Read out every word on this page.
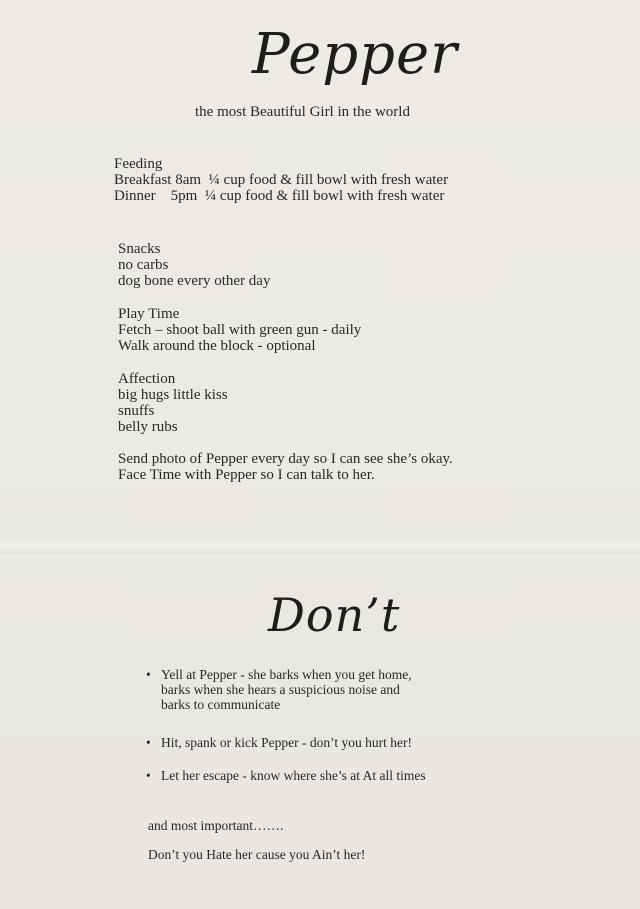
Pepper
the most Beautiful Girl in the world
Feeding
Breakfast 8am  ¼ cup food & fill bowl with fresh water
Dinner    5pm  ¼ cup food & fill bowl with fresh water
Snacks
no carbs
dog bone every other day
Play Time
Fetch – shoot ball with green gun - daily
Walk around the block - optional
Affection
big hugs little kiss
snuffs
belly rubs
Send photo of Pepper every day so I can see she’s okay.
Face Time with Pepper so I can talk to her.
Don’t
• Yell at Pepper - she barks when you get home,
barks when she hears a suspicious noise and
barks to communicate
• Hit, spank or kick Pepper - don’t you hurt her!
• Let her escape - know where she’s at At all times
and most important…….
Don’t you Hate her cause you Ain’t her!
